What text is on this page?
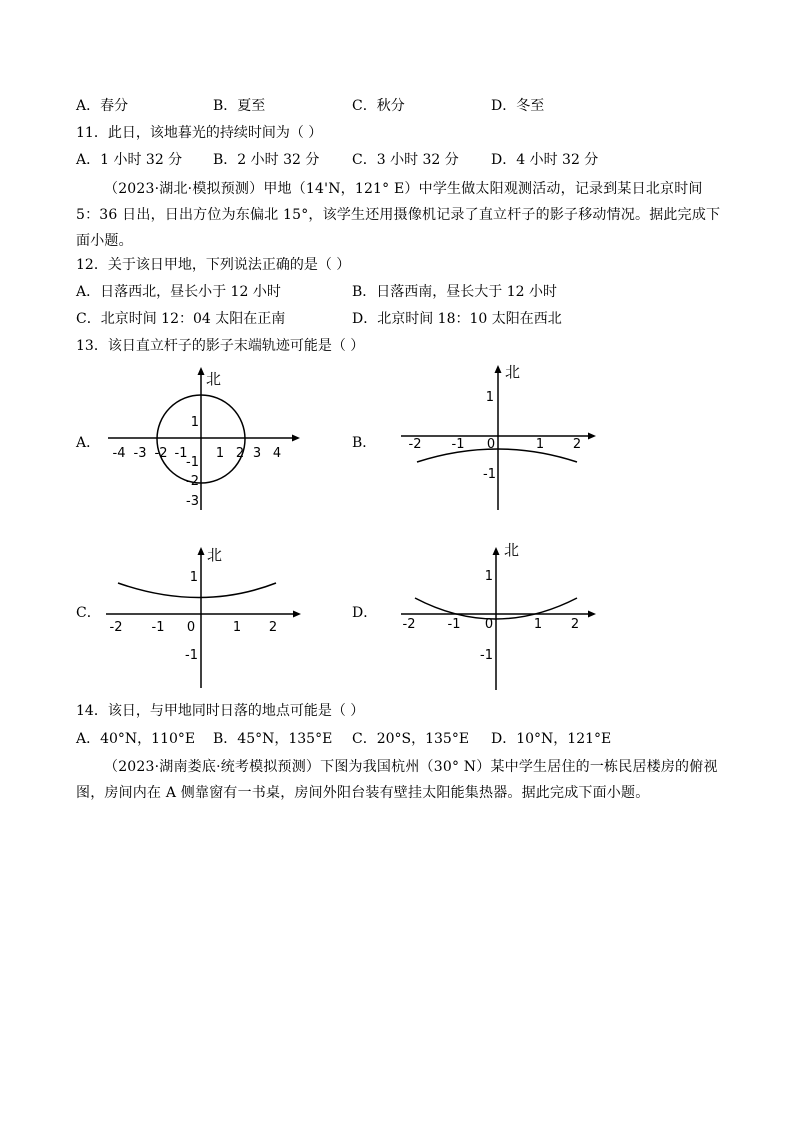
A．春分	B．夏至	C．秋分	D．冬至
11．此日，该地暮光的持续时间为（ ）
A．1 小时 32 分 B．2 小时 32 分 C．3 小时 32 分 D．4 小时 32 分
（2023·湖北·模拟预测）甲地（14'N，121° E）中学生做太阳观测活动，记录到某日北京时间 5：36 日出，日出方位为东偏北 15°，该学生还用摄像机记录了直立杆子的影子移动情况。据此完成下面小题。
12．关于该日甲地，下列说法正确的是（ ）
A．日落西北，昼长小于 12 小时	B．日落西南，昼长大于 12 小时
C．北京时间 12：04 太阳在正南	D．北京时间 18：10 太阳在西北
13．该日直立杆子的影子末端轨迹可能是（ ）
A．	B．
C．	D．
北
-4 -3 -2 -1 1 2 3 4
1
-1
-2
-3
北
-2 -1 0	1 2
1
-1
北
-2 -1 0	1 2
1
-1
北
-2 -1 0	1 2
1
-1
14．该日，与甲地同时日落的地点可能是（ ）
A．40°N，110°E B．45°N，135°E C．20°S，135°E D．10°N，121°E
（2023·湖南娄底·统考模拟预测）下图为我国杭州（30° N）某中学生居住的一栋民居楼房的俯视图，房间内在 A 侧靠窗有一书桌，房间外阳台装有壁挂太阳能集热器。据此完成下面小题。
